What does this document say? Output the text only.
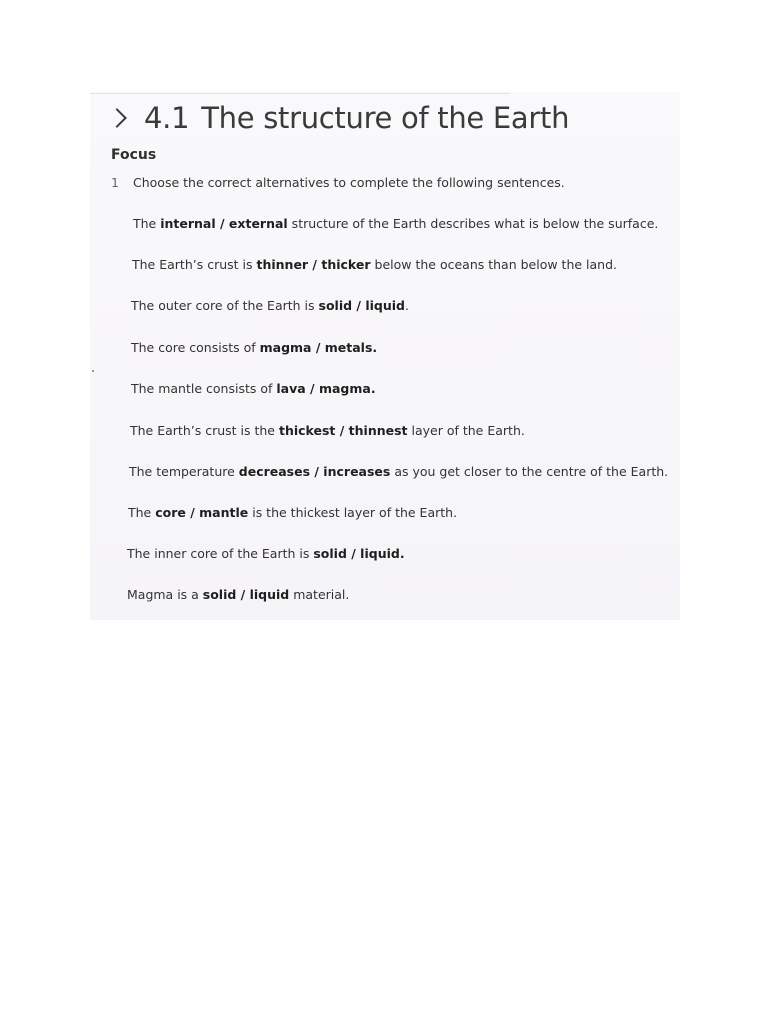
4.1 The structure of the Earth
Focus
1 Choose the correct alternatives to complete the following sentences.
The internal / external structure of the Earth describes what is below the surface.
The Earth’s crust is thinner / thicker below the oceans than below the land.
The outer core of the Earth is solid / liquid.
The core consists of magma / metals.
The mantle consists of lava / magma.
The Earth’s crust is the thickest / thinnest layer of the Earth.
The temperature decreases / increases as you get closer to the centre of the Earth.
The core / mantle is the thickest layer of the Earth.
The inner core of the Earth is solid / liquid.
Magma is a solid / liquid material.
